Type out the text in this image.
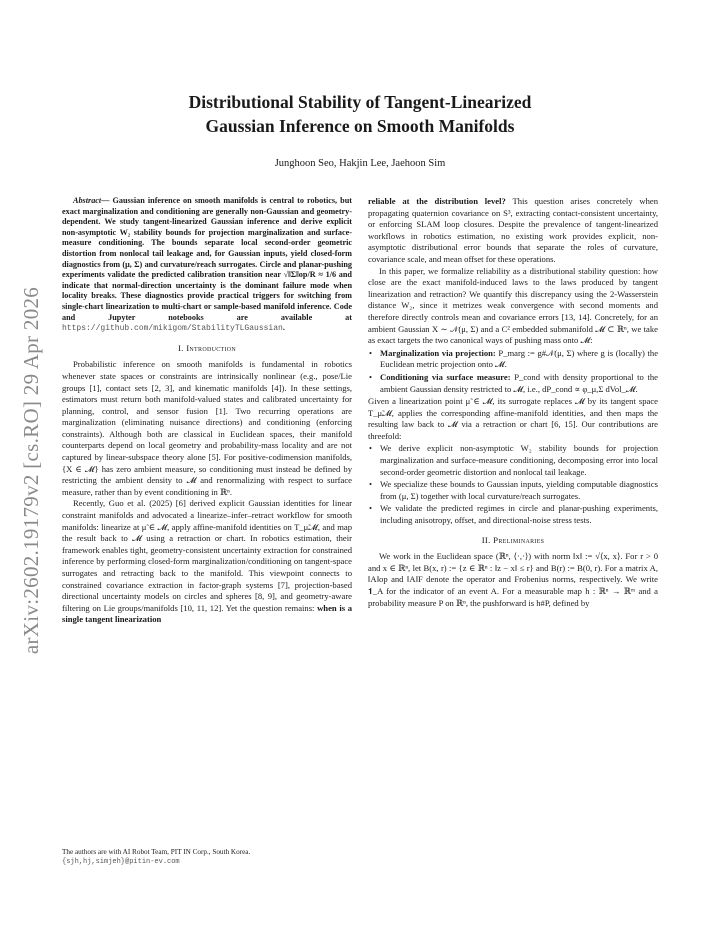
arXiv:2602.19179v2 [cs.RO] 29 Apr 2026
Distributional Stability of Tangent-Linearized
Gaussian Inference on Smooth Manifolds
Junghoon Seo, Hakjin Lee, Jaehoon Sim

Abstract— Gaussian inference on smooth manifolds is central to robotics, but exact marginalization and conditioning are generally non-Gaussian and geometry-dependent. We study tangent-linearized Gaussian inference and derive explicit non-asymptotic W₂ stability bounds for projection marginalization and surface-measure conditioning. The bounds separate local second-order geometric distortion from nonlocal tail leakage and, for Gaussian inputs, yield closed-form diagnostics from (μ, Σ) and curvature/reach surrogates. Circle and planar-pushing experiments validate the predicted calibration transition near √‖Σ‖op/R ≈ 1/6 and indicate that normal-direction uncertainty is the dominant failure mode when locality breaks. These diagnostics provide practical triggers for switching from single-chart linearization to multi-chart or sample-based manifold inference. Code and Jupyter notebooks are available at https://github.com/mikigom/StabilityTLGaussian.

I. Introduction

Probabilistic inference on smooth manifolds is fundamental in robotics whenever state spaces or constraints are intrinsically nonlinear (e.g., pose/Lie groups [1], contact sets [2, 3], and kinematic manifolds [4]). In these settings, estimators must return both manifold-valued states and calibrated uncertainty for planning, control, and sensor fusion [1]. Two recurring operations are marginalization (eliminating nuisance directions) and conditioning (enforcing constraints). Although both are classical in Euclidean spaces, their manifold counterparts depend on local geometry and probability-mass locality and are not captured by linear-subspace theory alone [5]. For positive-codimension manifolds, {X ∈ 𝓜} has zero ambient measure, so conditioning must instead be defined by restricting the ambient density to 𝓜 and renormalizing with respect to surface measure, rather than by event conditioning in ℝⁿ.

Recently, Guo et al. (2025) [6] derived explicit Gaussian identities for linear constraint manifolds and advocated a linearize–infer–retract workflow for smooth manifolds: linearize at μ̃ ∈ 𝓜, apply affine-manifold identities on T_μ̃𝓜, and map the result back to 𝓜 using a retraction or chart. In robotics estimation, their framework enables tight, geometry-consistent uncertainty extraction for constrained inference by performing closed-form marginalization/conditioning on tangent-space surrogates and retracting back to the manifold. This viewpoint connects to constrained covariance extraction in factor-graph systems [7], projection-based directional uncertainty models on circles and spheres [8, 9], and geometry-aware filtering on Lie groups/manifolds [10, 11, 12]. Yet the question remains: when is a single tangent linearization

reliable at the distribution level? This question arises concretely when propagating quaternion covariance on S³, extracting contact-consistent uncertainty, or enforcing SLAM loop closures. Despite the prevalence of tangent-linearized workflows in robotics estimation, no existing work provides explicit, non-asymptotic distributional error bounds that separate the roles of curvature, covariance scale, and mean offset for these operations.

In this paper, we formalize reliability as a distributional stability question: how close are the exact manifold-induced laws to the laws produced by tangent linearization and retraction? We quantify this discrepancy using the 2-Wasserstein distance W₂, since it metrizes weak convergence with second moments and therefore directly controls mean and covariance errors [13, 14]. Concretely, for an ambient Gaussian X ∼ 𝒩(μ, Σ) and a C² embedded submanifold 𝓜 ⊂ ℝⁿ, we take as exact targets the two canonical ways of pushing mass onto 𝓜:

• Marginalization via projection: P_marg := g#𝒩(μ, Σ) where g is (locally) the Euclidean metric projection onto 𝓜.
• Conditioning via surface measure: P_cond with density proportional to the ambient Gaussian density restricted to 𝓜, i.e., dP_cond ∝ φ_μ,Σ dVol_𝓜.

Given a linearization point μ̃ ∈ 𝓜, its surrogate replaces 𝓜 by its tangent space T_μ̃𝓜, applies the corresponding affine-manifold identities, and then maps the resulting law back to 𝓜 via a retraction or chart [6, 15]. Our contributions are threefold:

• We derive explicit non-asymptotic W₂ stability bounds for projection marginalization and surface-measure conditioning, decomposing error into local second-order geometric distortion and nonlocal tail leakage.
• We specialize these bounds to Gaussian inputs, yielding computable diagnostics from (μ, Σ) together with local curvature/reach surrogates.
• We validate the predicted regimes in circle and planar-pushing experiments, including anisotropy, offset, and directional-noise stress tests.
II. Preliminaries

We work in the Euclidean space (ℝⁿ, ⟨·,·⟩) with norm ‖x‖ := √⟨x, x⟩. For r > 0 and x ∈ ℝⁿ, let B(x, r) := {z ∈ ℝⁿ : ‖z − x‖ ≤ r} and B(r) := B(0, r). For a matrix A, ‖A‖op and ‖A‖F denote the operator and Frobenius norms, respectively. We write 𝟏_A for the indicator of an event A. For a measurable map h : ℝⁿ → ℝᵐ and a probability measure P on ℝⁿ, the pushforward is h#P, defined by

The authors are with AI Robot Team, PIT IN Corp., South Korea.
{sjh,hj,simjeh}@pitin-ev.com
